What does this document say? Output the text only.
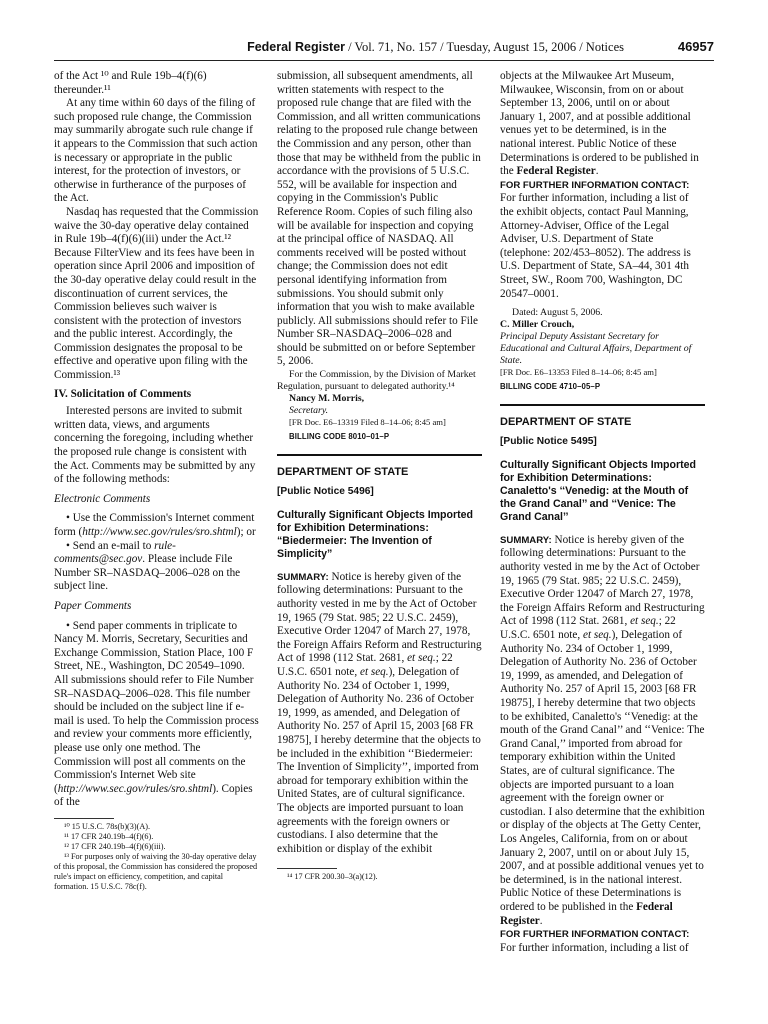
Federal Register / Vol. 71, No. 157 / Tuesday, August 15, 2006 / Notices	46957

of the Act ¹⁰ and Rule 19b–4(f)(6) thereunder.¹¹

At any time within 60 days of the filing of such proposed rule change, the Commission may summarily abrogate such rule change if it appears to the Commission that such action is necessary or appropriate in the public interest, for the protection of investors, or otherwise in furtherance of the purposes of the Act.

Nasdaq has requested that the Commission waive the 30-day operative delay contained in Rule 19b–4(f)(6)(iii) under the Act.¹² Because FilterView and its fees have been in operation since April 2006 and imposition of the 30-day operative delay could result in the discontinuation of current services, the Commission believes such waiver is consistent with the protection of investors and the public interest. Accordingly, the Commission designates the proposal to be effective and operative upon filing with the Commission.¹³

IV. Solicitation of Comments

Interested persons are invited to submit written data, views, and arguments concerning the foregoing, including whether the proposed rule change is consistent with the Act. Comments may be submitted by any of the following methods:

Electronic Comments

• Use the Commission's Internet comment form (http://www.sec.gov/rules/sro.shtml); or

• Send an e-mail to rule-comments@sec.gov. Please include File Number SR–NASDAQ–2006–028 on the subject line.

Paper Comments

• Send paper comments in triplicate to Nancy M. Morris, Secretary, Securities and Exchange Commission, Station Place, 100 F Street, NE., Washington, DC 20549–1090.

All submissions should refer to File Number SR–NASDAQ–2006–028. This file number should be included on the subject line if e-mail is used. To help the Commission process and review your comments more efficiently, please use only one method. The Commission will post all comments on the Commission's Internet Web site (http://www.sec.gov/rules/sro.shtml). Copies of the

¹⁰ 15 U.S.C. 78s(b)(3)(A).

¹¹ 17 CFR 240.19b–4(f)(6).

¹² 17 CFR 240.19b–4(f)(6)(iii).

¹³ For purposes only of waiving the 30-day operative delay of this proposal, the Commission has considered the proposed rule's impact on efficiency, competition, and capital formation. 15 U.S.C. 78c(f).

submission, all subsequent amendments, all written statements with respect to the proposed rule change that are filed with the Commission, and all written communications relating to the proposed rule change between the Commission and any person, other than those that may be withheld from the public in accordance with the provisions of 5 U.S.C. 552, will be available for inspection and copying in the Commission's Public Reference Room. Copies of such filing also will be available for inspection and copying at the principal office of NASDAQ. All comments received will be posted without change; the Commission does not edit personal identifying information from submissions. You should submit only information that you wish to make available publicly. All submissions should refer to File Number SR–NASDAQ–2006–028 and should be submitted on or before September 5, 2006.

For the Commission, by the Division of Market Regulation, pursuant to delegated authority.¹⁴

Nancy M. Morris,

Secretary.

[FR Doc. E6–13319 Filed 8–14–06; 8:45 am]

BILLING CODE 8010–01–P

DEPARTMENT OF STATE

[Public Notice 5496]

Culturally Significant Objects Imported for Exhibition Determinations: “Biedermeier: The Invention of Simplicity”

SUMMARY: Notice is hereby given of the following determinations: Pursuant to the authority vested in me by the Act of October 19, 1965 (79 Stat. 985; 22 U.S.C. 2459), Executive Order 12047 of March 27, 1978, the Foreign Affairs Reform and Restructuring Act of 1998 (112 Stat. 2681, et seq.; 22 U.S.C. 6501 note, et seq.), Delegation of Authority No. 234 of October 1, 1999, Delegation of Authority No. 236 of October 19, 1999, as amended, and Delegation of Authority No. 257 of April 15, 2003 [68 FR 19875], I hereby determine that the objects to be included in the exhibition ‘‘Biedermeier: The Invention of Simplicity’’, imported from abroad for temporary exhibition within the United States, are of cultural significance. The objects are imported pursuant to loan agreements with the foreign owners or custodians. I also determine that the exhibition or display of the exhibit

¹⁴ 17 CFR 200.30–3(a)(12).

objects at the Milwaukee Art Museum, Milwaukee, Wisconsin, from on or about September 13, 2006, until on or about January 1, 2007, and at possible additional venues yet to be determined, is in the national interest. Public Notice of these Determinations is ordered to be published in the Federal Register.

FOR FURTHER INFORMATION CONTACT: For further information, including a list of the exhibit objects, contact Paul Manning, Attorney-Adviser, Office of the Legal Adviser, U.S. Department of State (telephone: 202/453–8052). The address is U.S. Department of State, SA–44, 301 4th Street, SW., Room 700, Washington, DC 20547–0001.

Dated: August 5, 2006.

C. Miller Crouch,

Principal Deputy Assistant Secretary for Educational and Cultural Affairs, Department of State.

[FR Doc. E6–13353 Filed 8–14–06; 8:45 am]

BILLING CODE 4710–05–P

DEPARTMENT OF STATE

[Public Notice 5495]

Culturally Significant Objects Imported for Exhibition Determinations: Canaletto's ‘‘Venedig: at the Mouth of the Grand Canal’’ and ‘‘Venice: The Grand Canal’’

SUMMARY: Notice is hereby given of the following determinations: Pursuant to the authority vested in me by the Act of October 19, 1965 (79 Stat. 985; 22 U.S.C. 2459), Executive Order 12047 of March 27, 1978, the Foreign Affairs Reform and Restructuring Act of 1998 (112 Stat. 2681, et seq.; 22 U.S.C. 6501 note, et seq.), Delegation of Authority No. 234 of October 1, 1999, Delegation of Authority No. 236 of October 19, 1999, as amended, and Delegation of Authority No. 257 of April 15, 2003 [68 FR 19875], I hereby determine that two objects to be exhibited, Canaletto's ‘‘Venedig: at the mouth of the Grand Canal’’ and ‘‘Venice: The Grand Canal,’’ imported from abroad for temporary exhibition within the United States, are of cultural significance. The objects are imported pursuant to a loan agreement with the foreign owner or custodian. I also determine that the exhibition or display of the objects at The Getty Center, Los Angeles, California, from on or about January 2, 2007, until on or about July 15, 2007, and at possible additional venues yet to be determined, is in the national interest. Public Notice of these Determinations is ordered to be published in the Federal Register.

FOR FURTHER INFORMATION CONTACT: For further information, including a list of
